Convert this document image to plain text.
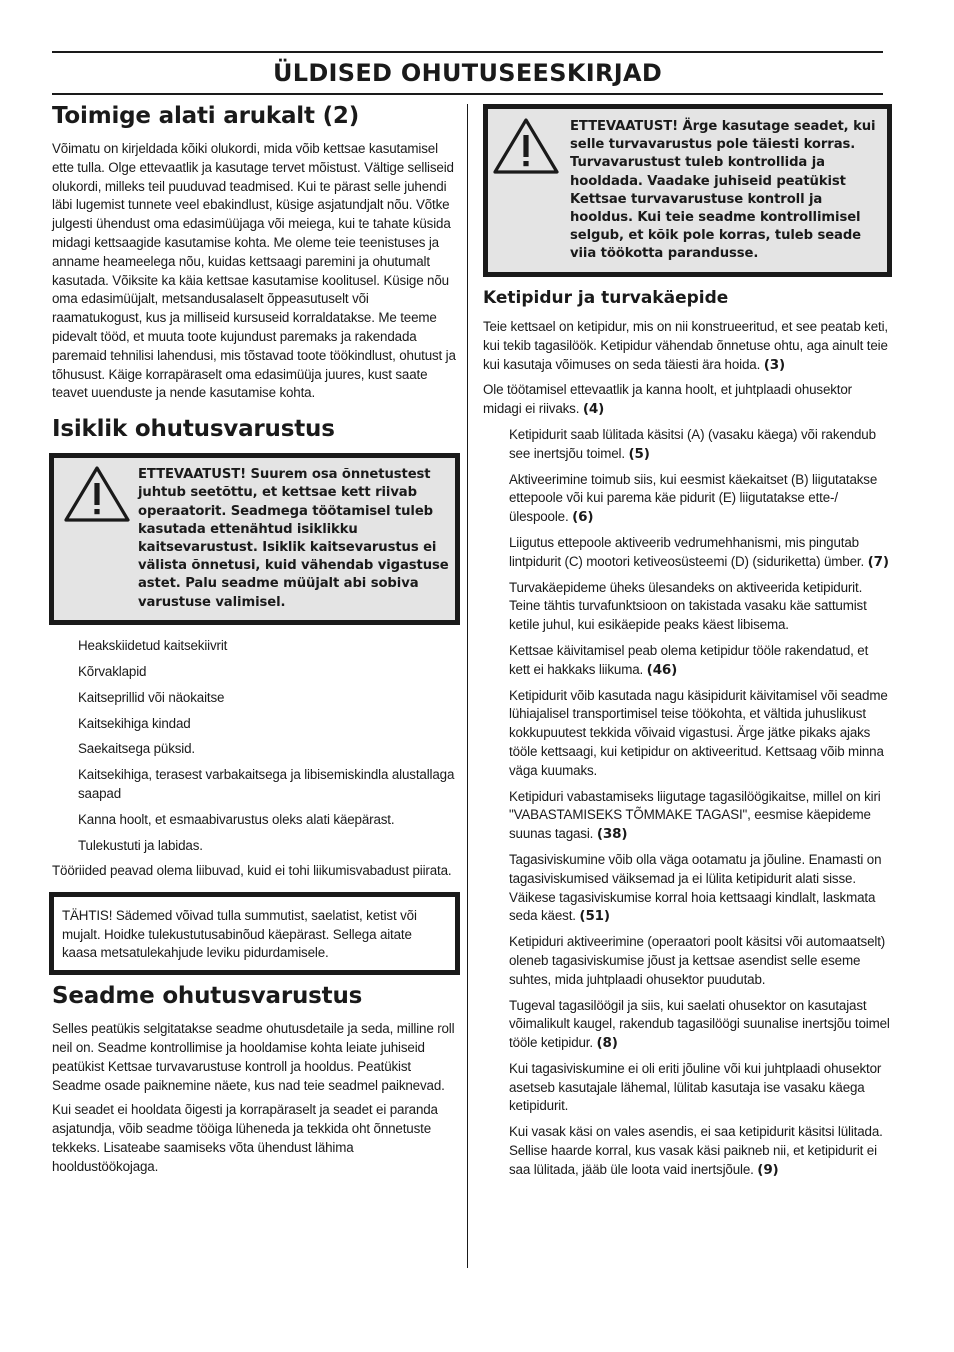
ÜLDISED OHUTUSEESKIRJAD
Toimige alati arukalt (2)

Võimatu on kirjeldada kõiki olukordi, mida võib kettsae kasutamisel ette tulla. Olge ettevaatlik ja kasutage tervet mõistust. Vältige selliseid olukordi, milleks teil puuduvad teadmised. Kui te pärast selle juhendi läbi lugemist tunnete veel ebakindlust, küsige asjatundjalt nõu. Võtke julgesti ühendust oma edasimüüjaga või meiega, kui te tahate küsida midagi kettsaagide kasutamise kohta. Me oleme teie teenistuses ja anname heameelega nõu, kuidas kettsaagi paremini ja ohutumalt kasutada. Võiksite ka käia kettsae kasutamise koolitusel. Küsige nõu oma edasimüüjalt, metsandusalaselt õppeasutuselt või raamatukogust, kus ja milliseid kursuseid korraldatakse. Me teeme pidevalt tööd, et muuta toote kujundust paremaks ja rakendada paremaid tehnilisi lahendusi, mis tõstavad toote töökindlust, ohutust ja tõhusust. Käige korrapäraselt oma edasimüüja juures, kust saate teavet uuenduste ja nende kasutamise kohta.

Isiklik ohutusvarustus
ETTEVAATUST! Suurem osa õnnetustest juhtub seetõttu, et kettsae kett riivab operaatorit. Seadmega töötamisel tuleb kasutada ettenähtud isiklikku kaitsevarustust. Isiklik kaitsevarustus ei välista õnnetusi, kuid vähendab vigastuse astet. Palu seadme müüjalt abi sobiva varustuse valimisel.

Heakskiidetud kaitsekiivrit

Kõrvaklapid

Kaitseprillid või näokaitse

Kaitsekihiga kindad

Saekaitsega püksid.

Kaitsekihiga, terasest varbakaitsega ja libisemiskindla alustallaga saapad

Kanna hoolt, et esmaabivarustus oleks alati käepärast.

Tulekustuti ja labidas.

Tööriided peavad olema liibuvad, kuid ei tohi liikumisvabadust piirata.

TÄHTIS! Sädemed võivad tulla summutist, saelatist, ketist või mujalt. Hoidke tulekustutusabinõud käepärast. Sellega aitate kaasa metsatulekahjude leviku pidurdamisele.

Seadme ohutusvarustus

Selles peatükis selgitatakse seadme ohutusdetaile ja seda, milline roll neil on. Seadme kontrollimise ja hooldamise kohta leiate juhiseid peatükist Kettsae turvavarustuse kontroll ja hooldus. Peatükist Seadme osade paiknemine näete, kus nad teie seadmel paiknevad.

Kui seadet ei hooldata õigesti ja korrapäraselt ja seadet ei paranda asjatundja, võib seadme tööiga lüheneda ja tekkida oht õnnetuste tekkeks. Lisateabe saamiseks võta ühendust lähima hooldustöökojaga.

ETTEVAATUST! Ärge kasutage seadet, kui selle turvavarustus pole täiesti korras. Turvavarustust tuleb kontrollida ja hooldada. Vaadake juhiseid peatükist Kettsae turvavarustuse kontroll ja hooldus. Kui teie seadme kontrollimisel selgub, et kõik pole korras, tuleb seade viia töökotta parandusse.
Ketipidur ja turvakäepide

Teie kettsael on ketipidur, mis on nii konstrueeritud, et see peatab keti, kui tekib tagasilöök. Ketipidur vähendab õnnetuse ohtu, aga ainult teie kui kasutaja võimuses on seda täiesti ära hoida. (3)

Ole töötamisel ettevaatlik ja kanna hoolt, et juhtplaadi ohusektor midagi ei riivaks. (4)

Ketipidurit saab lülitada käsitsi (A) (vasaku käega) või rakendub see inertsjõu toimel. (5)

Aktiveerimine toimub siis, kui eesmist käekaitset (B) liigutatakse ettepoole või kui parema käe pidurit (E) liigutatakse ette-/ülespoole. (6)

Liigutus ettepoole aktiveerib vedrumehhanismi, mis pingutab lintpidurit (C) mootori ketiveosüsteemi (D) (siduriketta) ümber. (7)

Turvakäepideme üheks ülesandeks on aktiveerida ketipidurit. Teine tähtis turvafunktsioon on takistada vasaku käe sattumist ketile juhul, kui esikäepide peaks käest libisema.

Kettsae käivitamisel peab olema ketipidur tööle rakendatud, et kett ei hakkaks liikuma. (46)

Ketipidurit võib kasutada nagu käsipidurit käivitamisel või seadme lühiajalisel transportimisel teise töökohta, et vältida juhuslikust kokkupuutest tekkida võivaid vigastusi. Ärge jätke pikaks ajaks tööle kettsaagi, kui ketipidur on aktiveeritud. Kettsaag võib minna väga kuumaks.

Ketipiduri vabastamiseks liigutage tagasilöögikaitse, millel on kiri "VABASTAMISEKS TÕMMAKE TAGASI", eesmise käepideme suunas tagasi. (38)

Tagasiviskumine võib olla väga ootamatu ja jõuline. Enamasti on tagasiviskumised väiksemad ja ei lülita ketipidurit alati sisse. Väikese tagasiviskumise korral hoia kettsaagi kindlalt, laskmata seda käest. (51)

Ketipiduri aktiveerimine (operaatori poolt käsitsi või automaatselt) oleneb tagasiviskumise jõust ja kettsae asendist selle eseme suhtes, mida juhtplaadi ohusektor puudutab.

Tugeval tagasilöögil ja siis, kui saelati ohusektor on kasutajast võimalikult kaugel, rakendub tagasilöögi suunalise inertsjõu toimel tööle ketipidur. (8)

Kui tagasiviskumine ei oli eriti jõuline või kui juhtplaadi ohusektor asetseb kasutajale lähemal, lülitab kasutaja ise vasaku käega ketipidurit.

Kui vasak käsi on vales asendis, ei saa ketipidurit käsitsi lülitada. Sellise haarde korral, kus vasak käsi paikneb nii, et ketipidurit ei saa lülitada, jääb üle loota vaid inertsjõule. (9)
